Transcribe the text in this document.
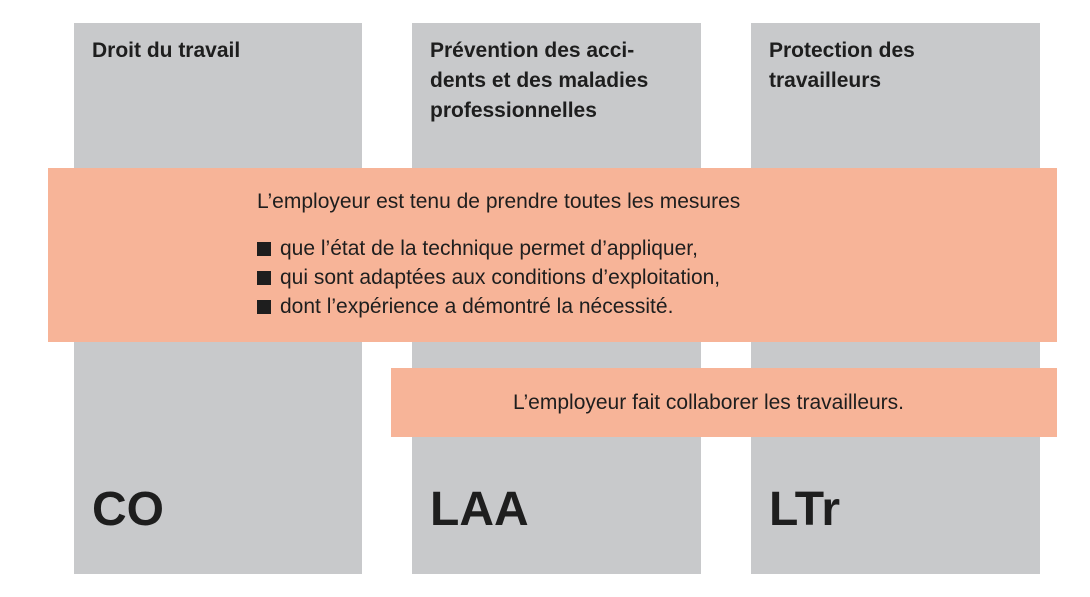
Droit du travail
CO
Prévention des acci-
dents et des maladies
professionnelles
LAA
Protection des
travailleurs
LTr
L’employeur est tenu de prendre toutes les mesures
que l’état de la technique permet d’appliquer,
qui sont adaptées aux conditions d’exploitation,
dont l’expérience a démontré la nécessité.
L’employeur fait collaborer les travailleurs.
